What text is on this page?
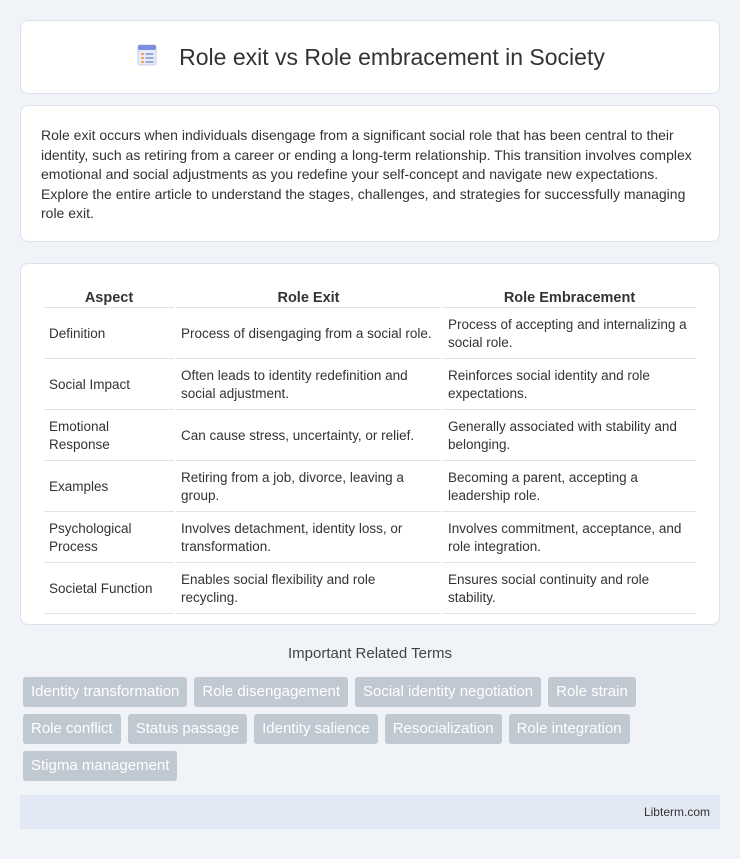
Role exit vs Role embracement in Society

Role exit occurs when individuals disengage from a significant social role that has been central to their identity, such as retiring from a career or ending a long-term relationship. This transition involves complex emotional and social adjustments as you redefine your self-concept and navigate new expectations. Explore the entire article to understand the stages, challenges, and strategies for successfully managing role exit.

Aspect	Role Exit	Role Embracement
Definition	Process of disengaging from a social role.	Process of accepting and internalizing a social role.
Social Impact	Often leads to identity redefinition and social adjustment.	Reinforces social identity and role expectations.
Emotional Response	Can cause stress, uncertainty, or relief.	Generally associated with stability and belonging.
Examples	Retiring from a job, divorce, leaving a group.	Becoming a parent, accepting a leadership role.
Psychological Process	Involves detachment, identity loss, or transformation.	Involves commitment, acceptance, and role integration.
Societal Function	Enables social flexibility and role recycling.	Ensures social continuity and role stability.
Important Related Terms
Identity transformation	Role disengagement	Social identity negotiation	Role strain
Role conflict	Status passage	Identity salience	Resocialization	Role integration
Stigma management
Libterm.com
